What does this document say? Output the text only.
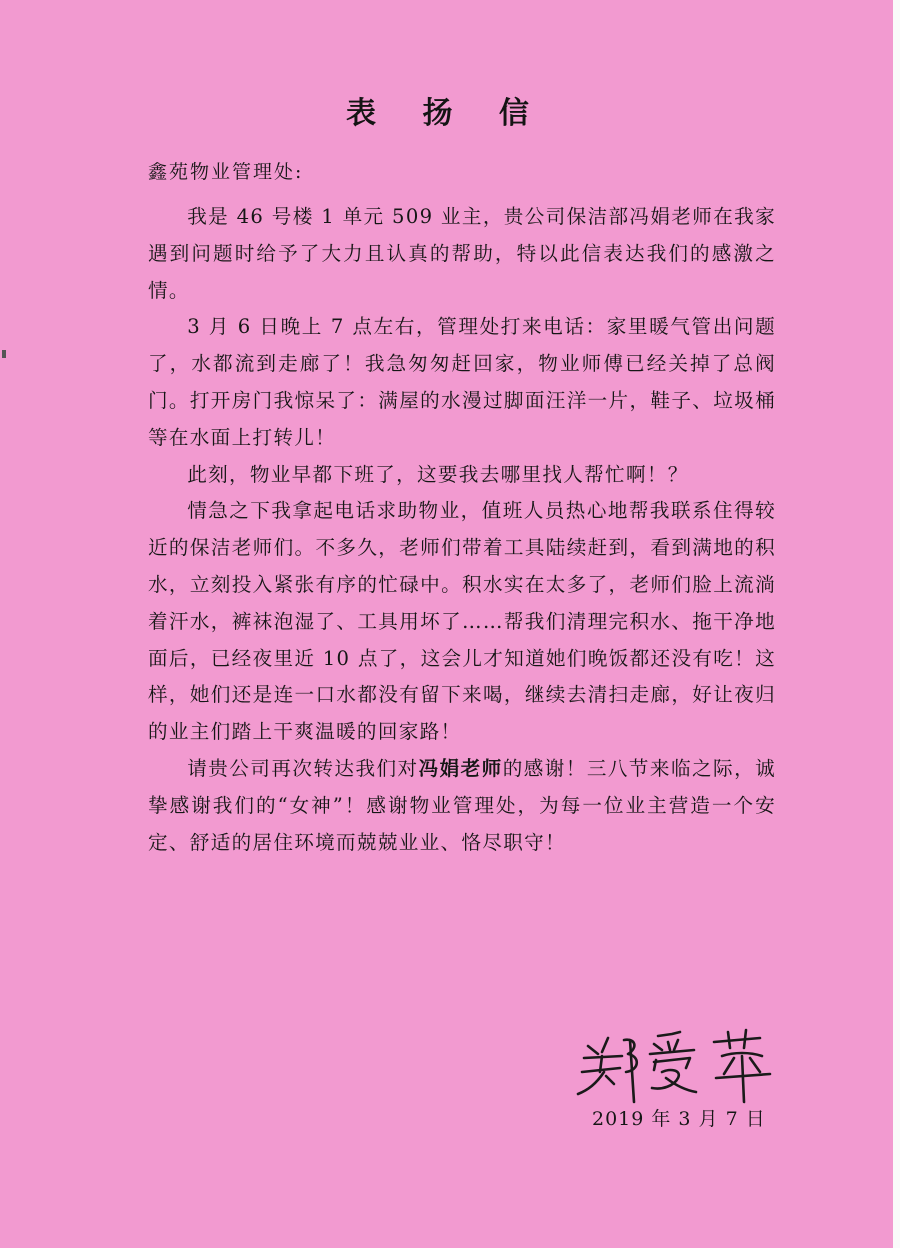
表 扬 信
鑫苑物业管理处:

我是 46 号楼 1 单元 509 业主，贵公司保洁部冯娟老师在我家遇到问题时给予了大力且认真的帮助，特以此信表达我们的感激之情。

3 月 6 日晚上 7 点左右，管理处打来电话：家里暖气管出问题了，水都流到走廊了！我急匆匆赶回家，物业师傅已经关掉了总阀门。打开房门我惊呆了：满屋的水漫过脚面汪洋一片，鞋子、垃圾桶等在水面上打转儿！

此刻，物业早都下班了，这要我去哪里找人帮忙啊！？

情急之下我拿起电话求助物业，值班人员热心地帮我联系住得较近的保洁老师们。不多久，老师们带着工具陆续赶到，看到满地的积水，立刻投入紧张有序的忙碌中。积水实在太多了，老师们脸上流淌着汗水，裤袜泡湿了、工具用坏了……帮我们清理完积水、拖干净地面后，已经夜里近 10 点了，这会儿才知道她们晚饭都还没有吃！这样，她们还是连一口水都没有留下来喝，继续去清扫走廊，好让夜归的业主们踏上干爽温暖的回家路！

请贵公司再次转达我们对冯娟老师的感谢！三八节来临之际，诚挚感谢我们的“女神”！感谢物业管理处，为每一位业主营造一个安定、舒适的居住环境而兢兢业业、恪尽职守！

2019 年 3 月 7 日
